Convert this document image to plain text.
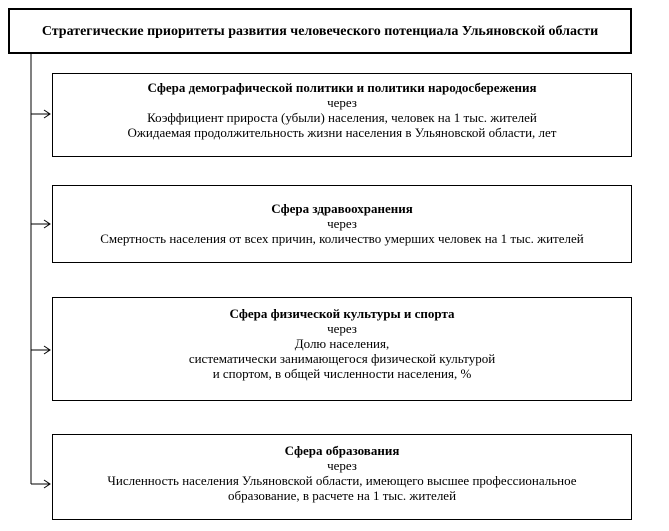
Стратегические приоритеты развития человеческого потенциала Ульяновской области
Сфера демографической политики и политики народосбережения
через
Коэффициент прироста (убыли) населения, человек на 1 тыс. жителей
Ожидаемая продолжительность жизни населения в Ульяновской области, лет
Сфера здравоохранения
через
Смертность населения от всех причин, количество умерших человек на 1 тыс. жителей
Сфера физической культуры и спорта
через
Долю населения,
систематически занимающегося физической культурой
и спортом, в общей численности населения, %
Сфера образования
через
Численность населения Ульяновской области, имеющего высшее профессиональное
образование, в расчете на 1 тыс. жителей
